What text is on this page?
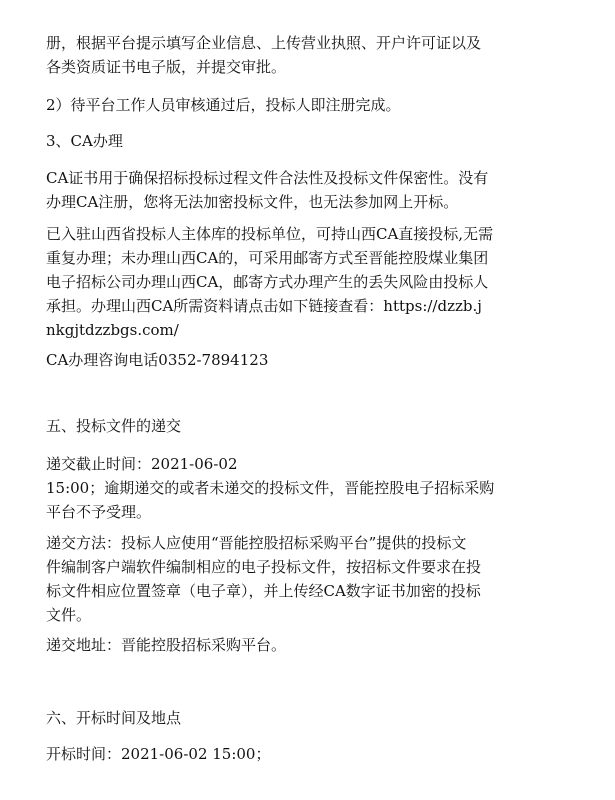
册，根据平台提示填写企业信息、上传营业执照、开户许可证以及
各类资质证书电子版，并提交审批。
2）待平台工作人员审核通过后，投标人即注册完成。
3、CA办理
CA证书用于确保招标投标过程文件合法性及投标文件保密性。没有
办理CA注册，您将无法加密投标文件，也无法参加网上开标。
已入驻山西省投标人主体库的投标单位，可持山西CA直接投标,无需
重复办理；未办理山西CA的，可采用邮寄方式至晋能控股煤业集团
电子招标公司办理山西CA，邮寄方式办理产生的丢失风险由投标人
承担。办理山西CA所需资料请点击如下链接查看：https://dzzb.j
nkgjtdzzbgs.com/
CA办理咨询电话0352-7894123
五、投标文件的递交
递交截止时间：2021-06-02
15:00；逾期递交的或者未递交的投标文件，晋能控股电子招标采购
平台不予受理。
递交方法：投标人应使用“晋能控股招标采购平台”提供的投标文
件编制客户端软件编制相应的电子投标文件，按招标文件要求在投
标文件相应位置签章（电子章），并上传经CA数字证书加密的投标
文件。
递交地址：晋能控股招标采购平台。
六、开标时间及地点
开标时间：2021-06-02 15:00；
